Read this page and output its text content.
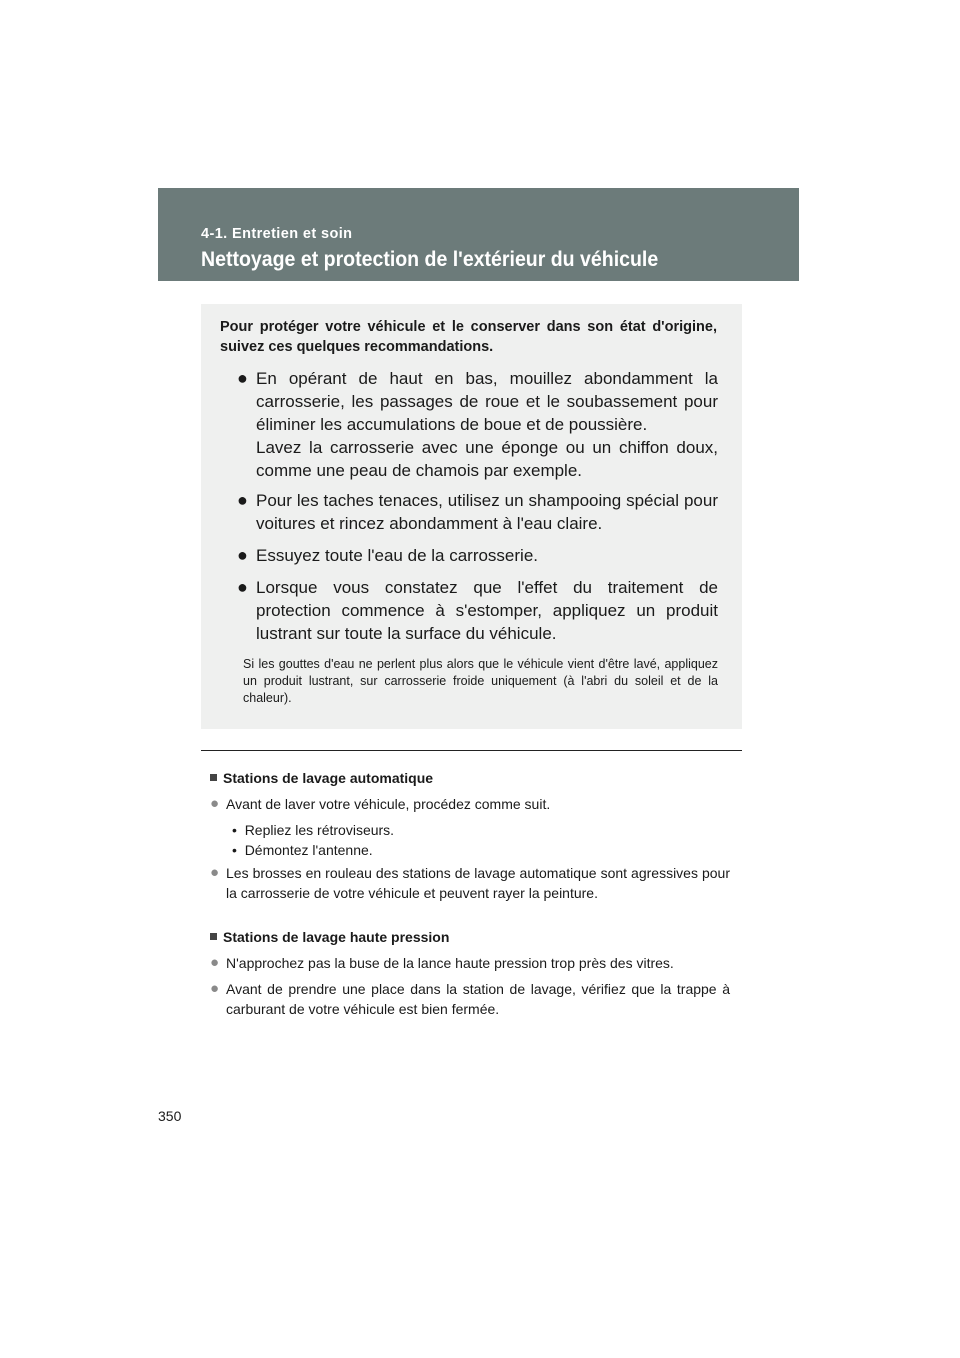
4-1. Entretien et soin
Nettoyage et protection de l'extérieur du véhicule
Pour protéger votre véhicule et le conserver dans son état d'origine, suivez ces quelques recommandations.
● En opérant de haut en bas, mouillez abondamment la carrosserie, les passages de roue et le soubassement pour éliminer les accumulations de boue et de poussière.
Lavez la carrosserie avec une éponge ou un chiffon doux, comme une peau de chamois par exemple.
● Pour les taches tenaces, utilisez un shampooing spécial pour voitures et rincez abondamment à l'eau claire.
● Essuyez toute l'eau de la carrosserie.
● Lorsque vous constatez que l'effet du traitement de protection commence à s'estomper, appliquez un produit lustrant sur toute la surface du véhicule.
Si les gouttes d'eau ne perlent plus alors que le véhicule vient d'être lavé, appliquez un produit lustrant, sur carrosserie froide uniquement (à l'abri du soleil et de la chaleur).
Stations de lavage automatique
● Avant de laver votre véhicule, procédez comme suit.
• Repliez les rétroviseurs.
• Démontez l'antenne.
● Les brosses en rouleau des stations de lavage automatique sont agressives pour la carrosserie de votre véhicule et peuvent rayer la peinture.
Stations de lavage haute pression
● N'approchez pas la buse de la lance haute pression trop près des vitres.
● Avant de prendre une place dans la station de lavage, vérifiez que la trappe à carburant de votre véhicule est bien fermée.
350
